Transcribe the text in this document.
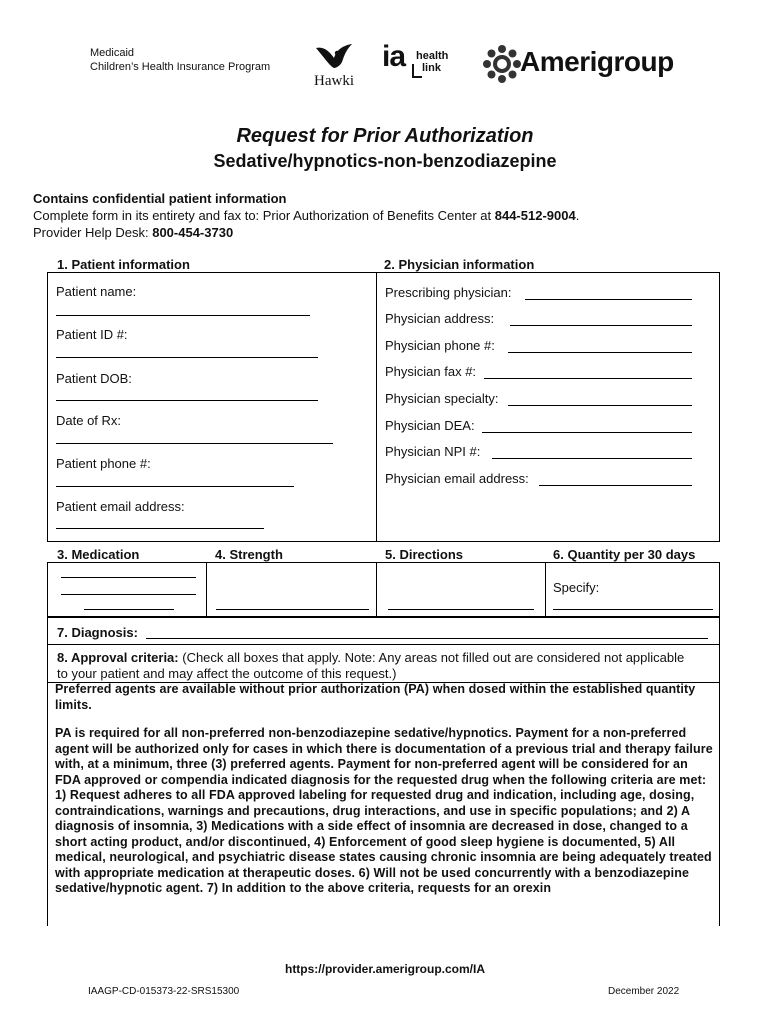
Medicaid
Children’s Health Insurance Program
Hawki
ia health
link	Amerigroup
Request for Prior Authorization
Sedative/hypnotics-non-benzodiazepine
Contains confidential patient information
Complete form in its entirety and fax to: Prior Authorization of Benefits Center at 844-512-9004.
Provider Help Desk: 800-454-3730
1. Patient information	2. Physician information
Patient name:
Patient ID #:
Patient DOB:
Date of Rx:
Patient phone #:
Patient email address:
Prescribing physician:
Physician address:
Physician phone #:
Physician fax #:
Physician specialty:
Physician DEA:
Physician NPI #:
Physician email address:
3. Medication	4. Strength	5. Directions	6. Quantity per 30 days
Specify:
7. Diagnosis:
8. Approval criteria: (Check all boxes that apply. Note: Any areas not filled out are considered not applicable to your patient and may affect the outcome of this request.)

Preferred agents are available without prior authorization (PA) when dosed within the established quantity limits.

PA is required for all non-preferred non-benzodiazepine sedative/hypnotics. Payment for a non-preferred agent will be authorized only for cases in which there is documentation of a previous trial and therapy failure with, at a minimum, three (3) preferred agents. Payment for non-preferred agent will be considered for an FDA approved or compendia indicated diagnosis for the requested drug when the following criteria are met: 1) Request adheres to all FDA approved labeling for requested drug and indication, including age, dosing, contraindications, warnings and precautions, drug interactions, and use in specific populations; and 2) A diagnosis of insomnia, 3) Medications with a side effect of insomnia are decreased in dose, changed to a short acting product, and/or discontinued, 4) Enforcement of good sleep hygiene is documented, 5) All medical, neurological, and psychiatric disease states causing chronic insomnia are being adequately treated with appropriate medication at therapeutic doses. 6) Will not be used concurrently with a benzodiazepine sedative/hypnotic agent. 7) In addition to the above criteria, requests for an orexin

https://provider.amerigroup.com/IA
IAAGP-CD-015373-22-SRS15300	December 2022
